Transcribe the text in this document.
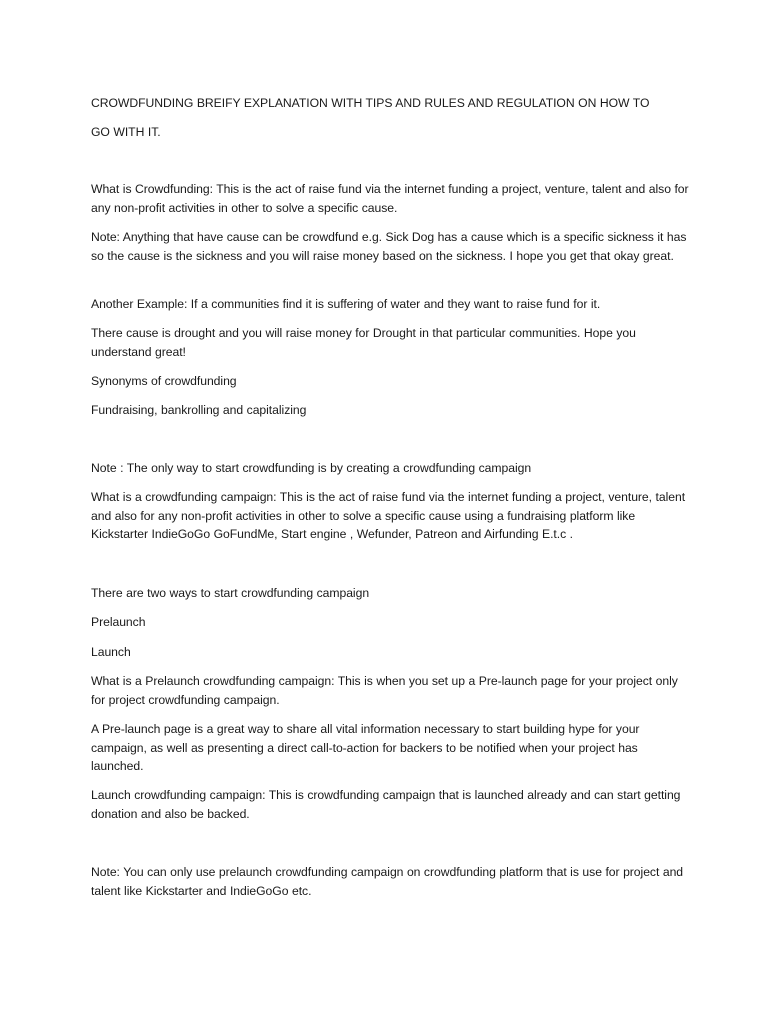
CROWDFUNDING BREIFY EXPLANATION WITH TIPS AND RULES AND REGULATION ON HOW TO

GO WITH IT.

What is Crowdfunding: This is the act of raise fund via the internet funding a project, venture, talent and also for any non-profit activities in other to solve a specific cause.

Note: Anything that have cause can be crowdfund e.g. Sick Dog has a cause which is a specific sickness it has so the cause is the sickness and you will raise money based on the sickness. I hope you get that okay great.

Another Example: If a communities find it is suffering of water and they want to raise fund for it.

There cause is drought and you will raise money for Drought in that particular communities. Hope you understand great!

Synonyms of crowdfunding

Fundraising, bankrolling and capitalizing

Note : The only way to start crowdfunding is by creating a crowdfunding campaign

What is a crowdfunding campaign: This is the act of raise fund via the internet funding a project, venture, talent and also for any non-profit activities in other to solve a specific cause using a fundraising platform like Kickstarter IndieGoGo GoFundMe, Start engine , Wefunder, Patreon and Airfunding E.t.c .

There are two ways to start crowdfunding campaign

Prelaunch

Launch

What is a Prelaunch crowdfunding campaign: This is when you set up a Pre-launch page for your project only for project crowdfunding campaign.

A Pre-launch page is a great way to share all vital information necessary to start building hype for your campaign, as well as presenting a direct call-to-action for backers to be notified when your project has launched.

Launch crowdfunding campaign: This is crowdfunding campaign that is launched already and can start getting donation and also be backed.

Note: You can only use prelaunch crowdfunding campaign on crowdfunding platform that is use for project and talent like Kickstarter and IndieGoGo etc.
